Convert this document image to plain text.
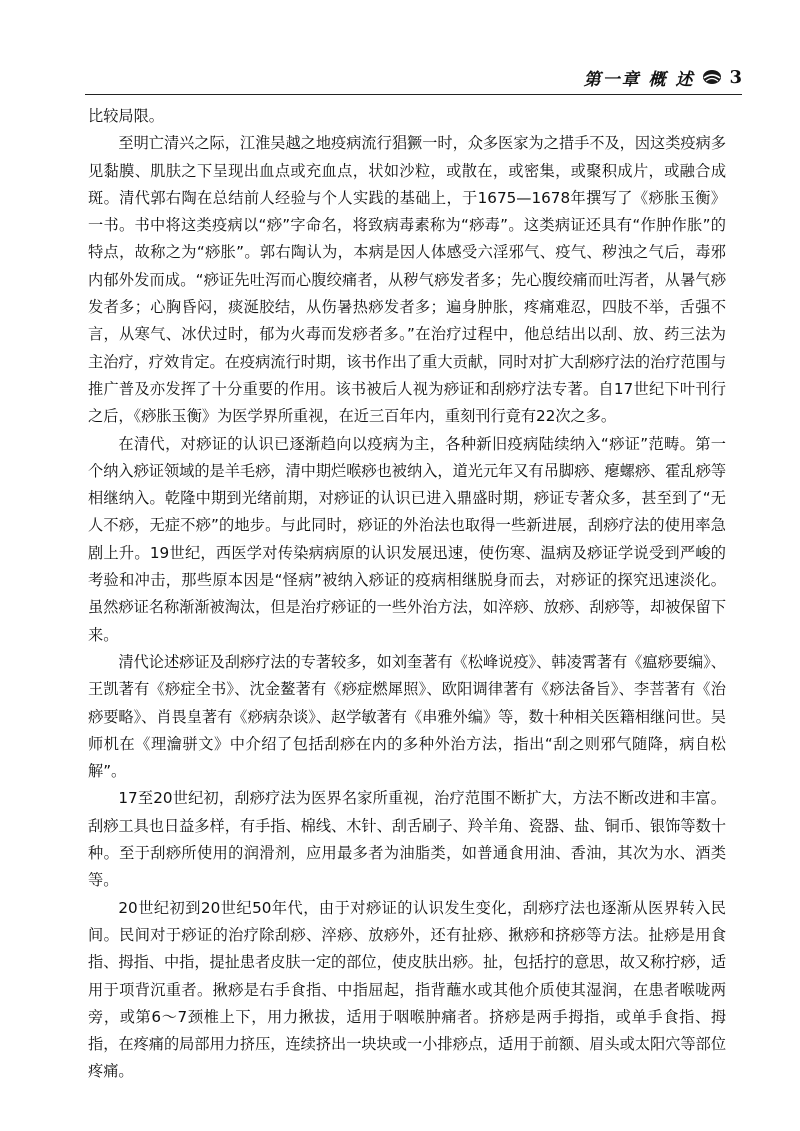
第一章 概 述 3

比较局限。

至明亡清兴之际，江淮吴越之地疫病流行猖獗一时，众多医家为之措手不及，因这类疫病多见黏膜、肌肤之下呈现出血点或充血点，状如沙粒，或散在，或密集，或聚积成片，或融合成斑。清代郭右陶在总结前人经验与个人实践的基础上，于1675—1678年撰写了《痧胀玉衡》一书。书中将这类疫病以“痧”字命名，将致病毒素称为“痧毒”。这类病证还具有“作肿作胀”的特点，故称之为“痧胀”。郭右陶认为，本病是因人体感受六淫邪气、疫气、秽浊之气后，毒邪内郁外发而成。“痧证先吐泻而心腹绞痛者，从秽气痧发者多；先心腹绞痛而吐泻者，从暑气痧发者多；心胸昏闷，痰涎胶结，从伤暑热痧发者多；遍身肿胀，疼痛难忍，四肢不举，舌强不言，从寒气、冰伏过时，郁为火毒而发痧者多。”在治疗过程中，他总结出以刮、放、药三法为主治疗，疗效肯定。在疫病流行时期，该书作出了重大贡献，同时对扩大刮痧疗法的治疗范围与推广普及亦发挥了十分重要的作用。该书被后人视为痧证和刮痧疗法专著。自17世纪下叶刊行之后，《痧胀玉衡》为医学界所重视，在近三百年内，重刻刊行竟有22次之多。

在清代，对痧证的认识已逐渐趋向以疫病为主，各种新旧疫病陆续纳入“痧证”范畴。第一个纳入痧证领域的是羊毛痧，清中期烂喉痧也被纳入，道光元年又有吊脚痧、瘪螺痧、霍乱痧等相继纳入。乾隆中期到光绪前期，对痧证的认识已进入鼎盛时期，痧证专著众多，甚至到了“无人不痧，无症不痧”的地步。与此同时，痧证的外治法也取得一些新进展，刮痧疗法的使用率急剧上升。19世纪，西医学对传染病病原的认识发展迅速，使伤寒、温病及痧证学说受到严峻的考验和冲击，那些原本因是“怪病”被纳入痧证的疫病相继脱身而去，对痧证的探究迅速淡化。虽然痧证名称渐渐被淘汰，但是治疗痧证的一些外治方法，如淬痧、放痧、刮痧等，却被保留下来。

清代论述痧证及刮痧疗法的专著较多，如刘奎著有《松峰说疫》、韩凌霄著有《瘟痧要编》、王凯著有《痧症全书》、沈金鳌著有《痧症燃犀照》、欧阳调律著有《痧法备旨》、李菩著有《治痧要略》、肖畏皇著有《痧病杂谈》、赵学敏著有《串雅外编》等，数十种相关医籍相继问世。吴师机在《理瀹骈文》中介绍了包括刮痧在内的多种外治方法，指出“刮之则邪气随降，病自松解”。

17至20世纪初，刮痧疗法为医界名家所重视，治疗范围不断扩大，方法不断改进和丰富。刮痧工具也日益多样，有手指、棉线、木针、刮舌刷子、羚羊角、瓷器、盐、铜币、银饰等数十种。至于刮痧所使用的润滑剂，应用最多者为油脂类，如普通食用油、香油，其次为水、酒类等。

20世纪初到20世纪50年代，由于对痧证的认识发生变化，刮痧疗法也逐渐从医界转入民间。民间对于痧证的治疗除刮痧、淬痧、放痧外，还有扯痧、揪痧和挤痧等方法。扯痧是用食指、拇指、中指，提扯患者皮肤一定的部位，使皮肤出痧。扯，包括拧的意思，故又称拧痧，适用于项背沉重者。揪痧是右手食指、中指屈起，指背蘸水或其他介质使其湿润，在患者喉咙两旁，或第6～7颈椎上下，用力揪拔，适用于咽喉肿痛者。挤痧是两手拇指，或单手食指、拇指，在疼痛的局部用力挤压，连续挤出一块块或一小排痧点，适用于前额、眉头或太阳穴等部位疼痛。
